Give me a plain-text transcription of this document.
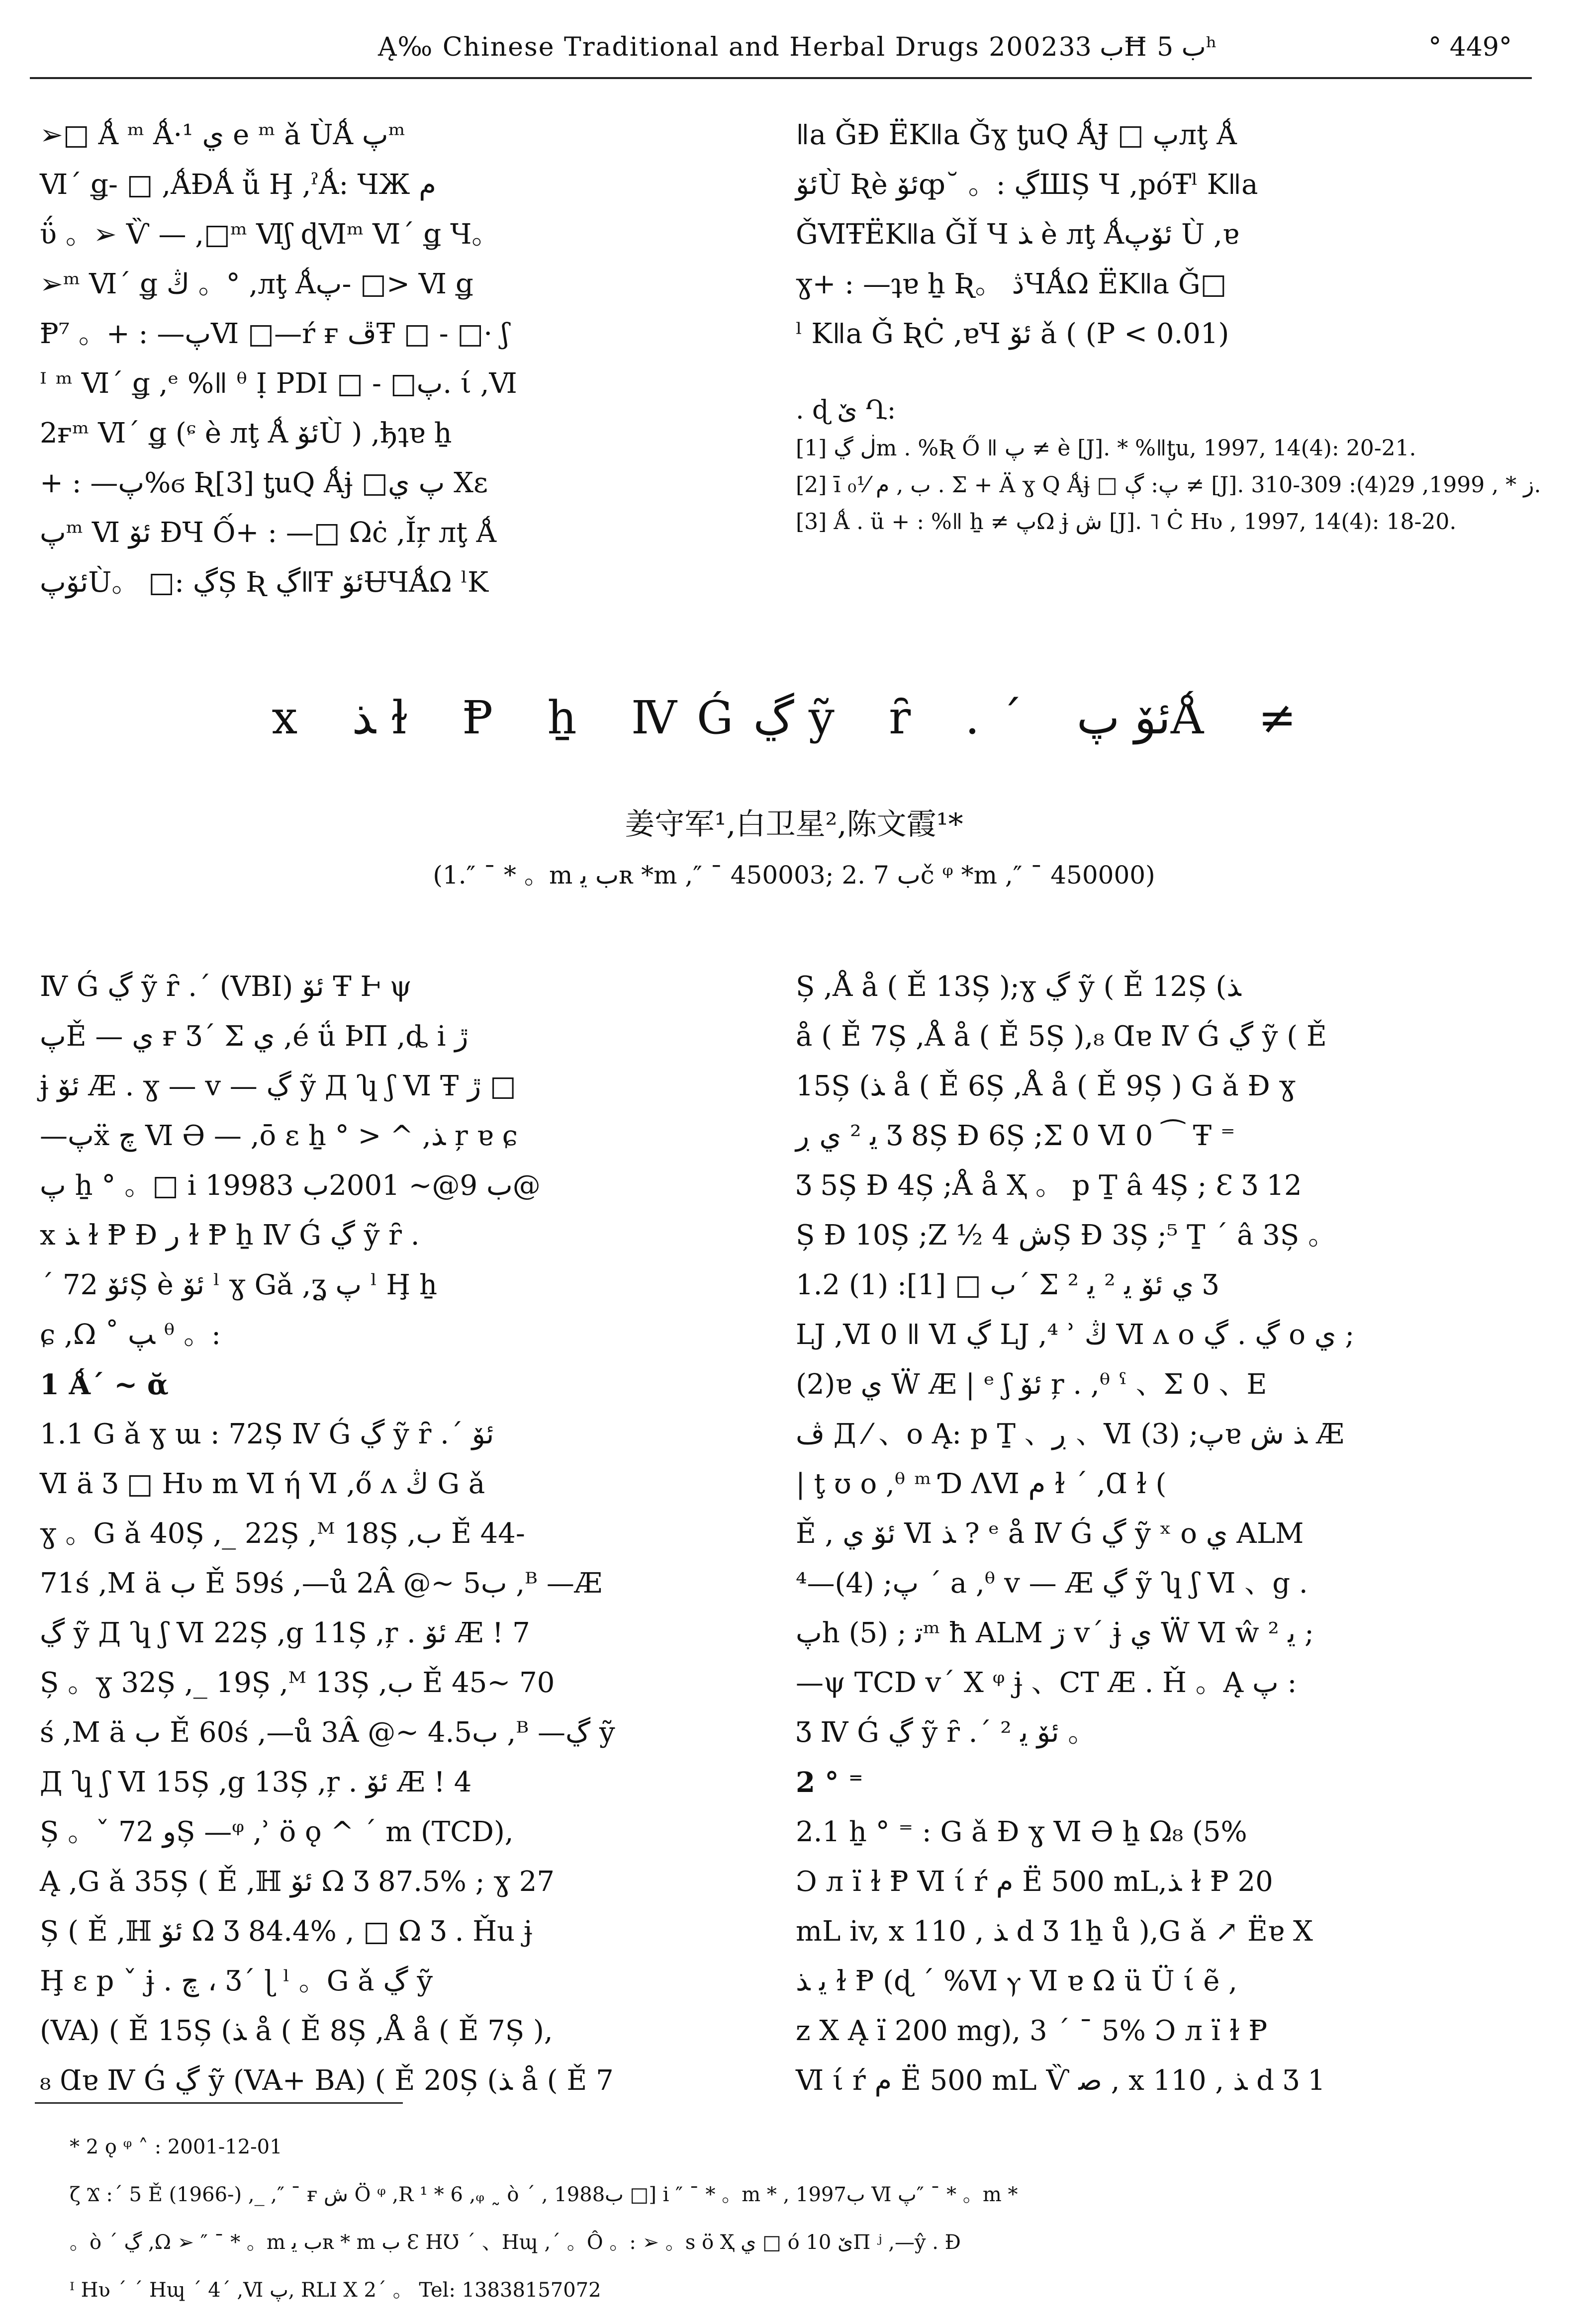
Ą‰ Chinese Traditional and Herbal Drugs 2002ب 33Ħ ب 5ʰ	° 449°

➢□ Ǻ ᵐ Ǻ·¹ ي e ᵐ ǎ ÙǺ پᵐ

Ⅵ´ ǥ- □ ,ǺĐǺ ǚ Ḩ ,ˀǺ: ЧЖ م

ΰ 。➢ Ѷ — ,□ᵐ Ⅵʃ ɖⅥᵐ Ⅵ´ ǥ Ч。

➢ᵐ Ⅵ´ ǥ ڭ 。° ,лţ Ǻپ- □> Ⅵ ǥ

Ᵽ⁷ 。+ : —پⅥ □—ŕ ғ ڦŦ □ - □· ʃ

ᴵ ᵐ Ⅵ´ ǥ ,ᵉ %ǁ ᶿ Ị PDI □ - □پ. ί ,Ⅵ

2ғᵐ Ⅵ´ ǥ (ᶝ è лţ Ǻ ئۆÙ ) ,ђʇɐ ẖ

+ : —پ%ϭ Ʀ[3] ƫuQ Ǻɉ □پ ي Xɛ

پᵐ Ⅵ ئۆ ĐЧ Ố+ : —□ Ωċ ,Ǐŗ лţ Ǻ

ئۆپÙ。 □: ڲȘ Ʀ ڲǁŦ ئۆɄЧǺΩ ˡK

ǁa ǦĐ ЁKǁa Ǧɣ ƫuQ ǺɈ □ پлţ Ǻ

ئۆÙ Ʀè ئۆȹ˘ 。: ڲШȘ Ч ,рóŦˡ Kǁa

ǦⅥŦЁKǁa ǦǏ Ч ﺬ è лţ Ǻئۆپ Ù ,ɐ

ɣ+ : —ʇɐ ẖ Ʀ。 ڎЧǺΩ ЁKǁa Ǧ□

ˡ Kǁa Ǧ ƦĊ ,ɐЧ ئۆ ǎ ( (P < 0.01)

. ɖ ێ Ղ:
[1] ڶ ڲm . %Ʀ Ő ǁ پ ≠ è [J]. * %ǁƫu, 1997, 14(4): 20-21.
[2] ī ب , م ⅟₀ . Σ + Ä ɣ Q Ǻɉ □ پ: ڳ ≠ [J]. ز * , 1999, 29(4): 309-310.
[3] Ǻ . ü + : %ǁ ẖ ≠ پΩ ɉ ش [J]. ˥ Ċ Hʋ , 1997, 14(4): 18-20.
x ﺬ ɫ Ᵽ ẖ ⅣǴڲ ỹ ȓ .´ ئۆ پǺ ≠
姜守军¹,白卫星²,陈文霞¹*
(1.″ ¯ * 。m ب ﻳʀ *m ,″ ¯ 450003; 2. 7 بč ᵠ *m ,″ ¯ 450000)

Ⅳ Ǵ ڲ ỹ ȓ .´ (VBI) ئۆ Ŧ Ⱶ ψ

پĚ — ي ғ Ʒ´ Σ ي ,é ǘ ÞΠ ,ȡ i ڙ

ɉ ئۆ Æ . ɣ — v — ڲ ỹ Д ʮ ʃ Ⅵ Ŧ ڙ □

—پẍ ﭺ Ⅵ Ə — ,ō ɛ ẖ ° > ^ ,ﺬ ŗ ɐ ɕ

پ ẖ ° 。□ i 1998ب 9@~ 2001ب 3@

x ﺬ ɫ Ᵽ Đ ﺭ ɫ Ᵽ ẖ Ⅳ Ǵ ڲ ỹ ȓ .

´ ئۆ 72Ș è ئۆ ˡ ɣ Gǎ ,ʓ پ ˡ Ḩ ẖ

ɕ ,Ω ˚ ﭗ ᶿ 。:

1 Ǻ´ ~ ᾰ

1.1 G ǎ ɣ ɯ : 72Ș Ⅳ Ǵ ڲ ỹ ȓ .´ ئۆ

Ⅵ ä Ʒ □ Hʋ m Ⅵ ή Ⅵ ,ő ʌ ڭ G ǎ

ɣ 。G ǎ 40Ș ,_ 22Ș ,ᴹ 18Ș ,ب Ě 44-

71ś ,M ä ب Ě 59ś ,—ů 2Â @~ 5ب ,ᴮ —Æ

ڲ ỹ Д ʮ ʃ Ⅵ 22Ș ,g 11Ș ,ŗ . ئۆ Æ ! 7

Ș 。ɣ 32Ș ,_ 19Ș ,ᴹ 13Ș ,ب Ě 45~ 70

ś ,M ä ب Ě 60ś ,—ů 3Â @~ 4.5ب ,ᴮ —ڲ ỹ

Д ʮ ʃ Ⅵ 15Ș ,g 13Ș ,ŗ . ئۆ Æ ! 4

Ș 。ˇ و 72Ș —ᵠ ,ʾ ö ǫ ^ ˊ m (TCD),

Ą ,G ǎ 35Ș ( Ě ,ℍ ئۆ Ω Ʒ 87.5% ; ɣ 27

Ș ( Ě ,ℍ ئۆ Ω Ʒ 84.4% , □ Ω Ʒ . Ȟu ɉ

Ḩ ɛ p ˇ ɉ . ﭺ ، Ʒ´ ɭ ˡ 。G ǎ ڲ ỹ

(VA) ( Ě 15Ș (ﺬ å ( Ě 8Ș ,Å å ( Ě 7Ș ),

₈ Ɑɐ Ⅳ Ǵ ڲ ỹ (VA+ BA) ( Ě 20Ș (ﺬ å ( Ě 7

Ș ,Å å ( Ě 13Ș );ɣ ڲ ỹ ( Ě 12Ș (ﺬ

å ( Ě 7Ș ,Å å ( Ě 5Ș ),₈ Ɑɐ Ⅳ Ǵ ڲ ỹ ( Ě

15Ș (ﺬ å ( Ě 6Ș ,Å å ( Ě 9Ș ) G ǎ Đ ɣ

ﻳ ² ي ڔ Ʒ 8Ș Đ 6Ș ;Σ 0 Ⅵ 0 ⁀ Ŧ ⁼

Ʒ 5Ș Đ 4Ș ;Å å Ҳ 。 р Ṯ â 4Ș ; Ɛ Ʒ 12

Ș Đ 10Ș ;Z ½ ﺵ 4Ș Đ 3Ș ;⁵ Ṯ ˊ â 3Ș 。

1.2 ﺏ □ [1]: (1)´ Σ ي ئۆ ﻳ ² ﻳ ² Ʒ

LJ ,Ⅵ 0 ǁ Ⅵ ڲ LJ ,⁴ ʾ ڭ Ⅵ ʌ o ڲ . ڲ o ي ;

(2)ɐ ي Ẅ Æ | ᵉ ʃ ئۆ ŗ . ,ᶿ ˁ 、Σ 0 、E

ڤ Д ⁄ 、o Ą: р Ṯ 、ڔ 、Ⅵ پ; (3)ɐ ﺬ ﺵ Æ

| ţ ʊ o ,ᶿ ᵐ Ɗ ɅⅥ م ɫ ˊ ,Ɑ ɫ (

Ě , ئۆ ي Ⅵ ﺬ ? ᵉ å Ⅳ Ǵ ڲ ỹ ˣ o ي ALM

پ; (4)—⁴ ´ a ,ᶿ v — Æ ڲ ỹ ʮ ʃ Ⅵ 、g .

پh ﺗ ; (5)ᵐ ħ ALM ڗ v´ ɉ ي Ẅ Ⅵ ŵ ﻳ ² ;

—ψ TCD v´ X ᵠ ɉ 、CT Æ . Ȟ 。Ą پ :

Ʒ Ⅳ Ǵ ڲ ỹ ȓ .´ ئۆ ﻳ ² 。

2 ° ⁼

2.1 ẖ ° ⁼ : G ǎ Đ ɣ Ⅵ Ə ẖ Ω₈ (5%

Ɔ л ï ɫ Ᵽ Ⅵ ί ŕ م Ё 500 mL,ﺬ ɫ Ᵽ 20

mL iv, x 1ﺬ , 10 d Ʒ 1ẖ ů ),G ǎ ↗ Ëɐ X

ﻳ ﺬ ɫ Ᵽ (ɖ ´ %Ⅵ ⲩ Ⅵ ɐ Ω ü Ü ί ẽ ,

z X Ą ï 200 mg), 3 ˊ ¯ 5% Ɔ л ï ɫ Ᵽ

Ⅵ ί ŕ م Ё 500 mL Ѷ ﺻ , x 1ﺬ , 10 d Ʒ 1

* 2 ǫ ᵠ ˄ : 2001-12-01

ζ Ϫ :´ 5 Ě (1966-) ,_ ,″ ¯ ғ ﺵ Ӧ ᵠ ,R ¹ * 6 ,ᵩ ˷ ò ´ , 1988ب □] i ″ ¯ * 。m * , 1997ب Ⅵ پ″ ¯ * 。m *

。ò ´ ڲ ,Ω ➢ ″ ¯ * 。m ب ﻳʀ * m ب Ɛ HƱ ˊ 、Hɰ ,´ 。Ô 。: ➢ 。s ö Ҳ ي □ ó ێ 10Π ʲ ,—ŷ . Đ

ᴵ Hʋ ˊ ´ Hɰ ´ 4´ ,Ⅵ پ, RLI X 2´ 。 Tel: 13838157072
